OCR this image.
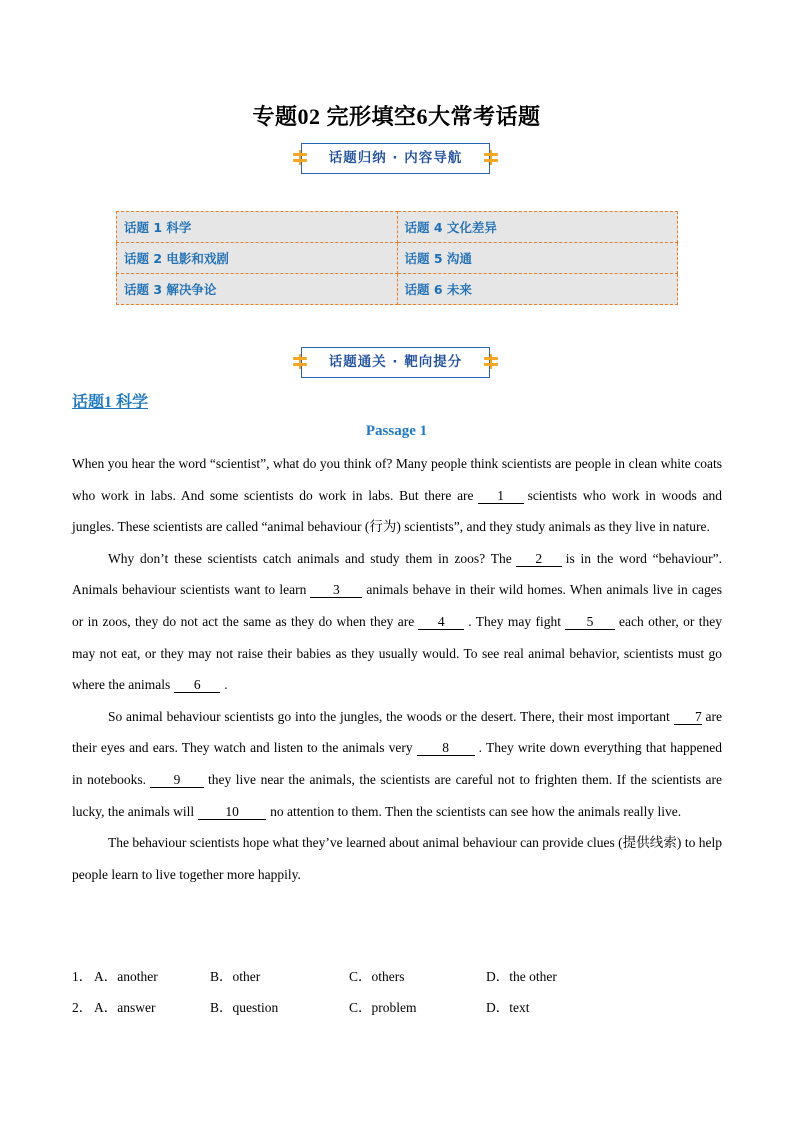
专题02 完形填空6大常考话题
话题归纳 · 内容导航
话题 1 科学	话题 4 文化差异
话题 2 电影和戏剧	话题 5 沟通
话题 3 解决争论	话题 6 未来
话题通关 · 靶向提分
话题1 科学
Passage 1

When you hear the word “scientist”, what do you think of? Many people think scientists are people in clean white coats who work in labs. And some scientists do work in labs. But there are 1 scientists who work in woods and jungles. These scientists are called “animal behaviour (行为) scientists”, and they study animals as they live in nature.

Why don’t these scientists catch animals and study them in zoos? The 2 is in the word “behaviour”. Animals behaviour scientists want to learn 3 animals behave in their wild homes. When animals live in cages or in zoos, they do not act the same as they do when they are 4 . They may fight 5 each other, or they may not eat, or they may not raise their babies as they usually would. To see real animal behavior, scientists must go where the animals 6 .

So animal behaviour scientists go into the jungles, the woods or the desert. There, their most important 7 are their eyes and ears. They watch and listen to the animals very 8 . They write down everything that happened in notebooks. 9 they live near the animals, the scientists are careful not to frighten them. If the scientists are lucky, the animals will 10 no attention to them. Then the scientists can see how the animals really live.

The behaviour scientists hope what they’ve learned about animal behaviour can provide clues (提供线索) to help people learn to live together more happily.

1． A．another	B．other	C．others	D．the other
2． A．answer	B．question	C．problem	D．text
